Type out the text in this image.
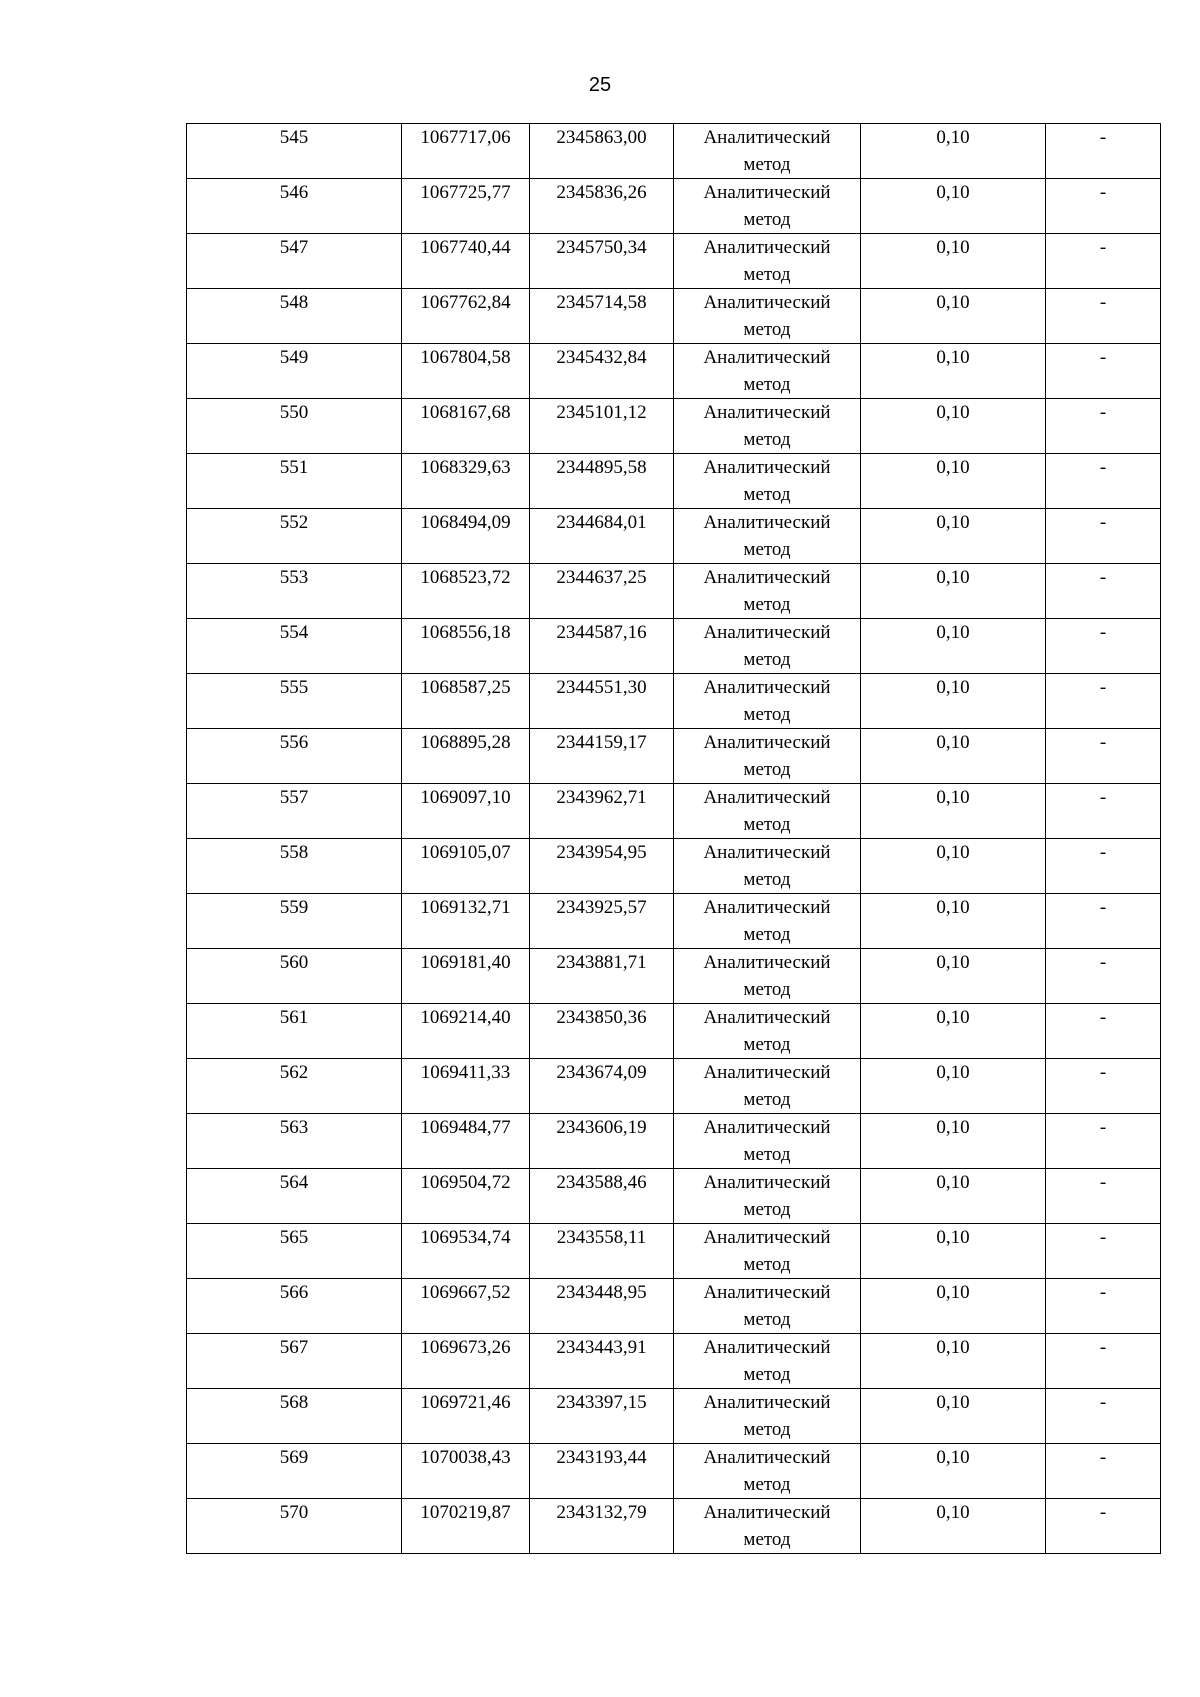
25
545	1067717,06	2345863,00	Аналитический
метод	0,10	-
546	1067725,77	2345836,26	Аналитический
метод	0,10	-
547	1067740,44	2345750,34	Аналитический
метод	0,10	-
548	1067762,84	2345714,58	Аналитический
метод	0,10	-
549	1067804,58	2345432,84	Аналитический
метод	0,10	-
550	1068167,68	2345101,12	Аналитический
метод	0,10	-
551	1068329,63	2344895,58	Аналитический
метод	0,10	-
552	1068494,09	2344684,01	Аналитический
метод	0,10	-
553	1068523,72	2344637,25	Аналитический
метод	0,10	-
554	1068556,18	2344587,16	Аналитический
метод	0,10	-
555	1068587,25	2344551,30	Аналитический
метод	0,10	-
556	1068895,28	2344159,17	Аналитический
метод	0,10	-
557	1069097,10	2343962,71	Аналитический
метод	0,10	-
558	1069105,07	2343954,95	Аналитический
метод	0,10	-
559	1069132,71	2343925,57	Аналитический
метод	0,10	-
560	1069181,40	2343881,71	Аналитический
метод	0,10	-
561	1069214,40	2343850,36	Аналитический
метод	0,10	-
562	1069411,33	2343674,09	Аналитический
метод	0,10	-
563	1069484,77	2343606,19	Аналитический
метод	0,10	-
564	1069504,72	2343588,46	Аналитический
метод	0,10	-
565	1069534,74	2343558,11	Аналитический
метод	0,10	-
566	1069667,52	2343448,95	Аналитический
метод	0,10	-
567	1069673,26	2343443,91	Аналитический
метод	0,10	-
568	1069721,46	2343397,15	Аналитический
метод	0,10	-
569	1070038,43	2343193,44	Аналитический
метод	0,10	-
570	1070219,87	2343132,79	Аналитический
метод	0,10	-
